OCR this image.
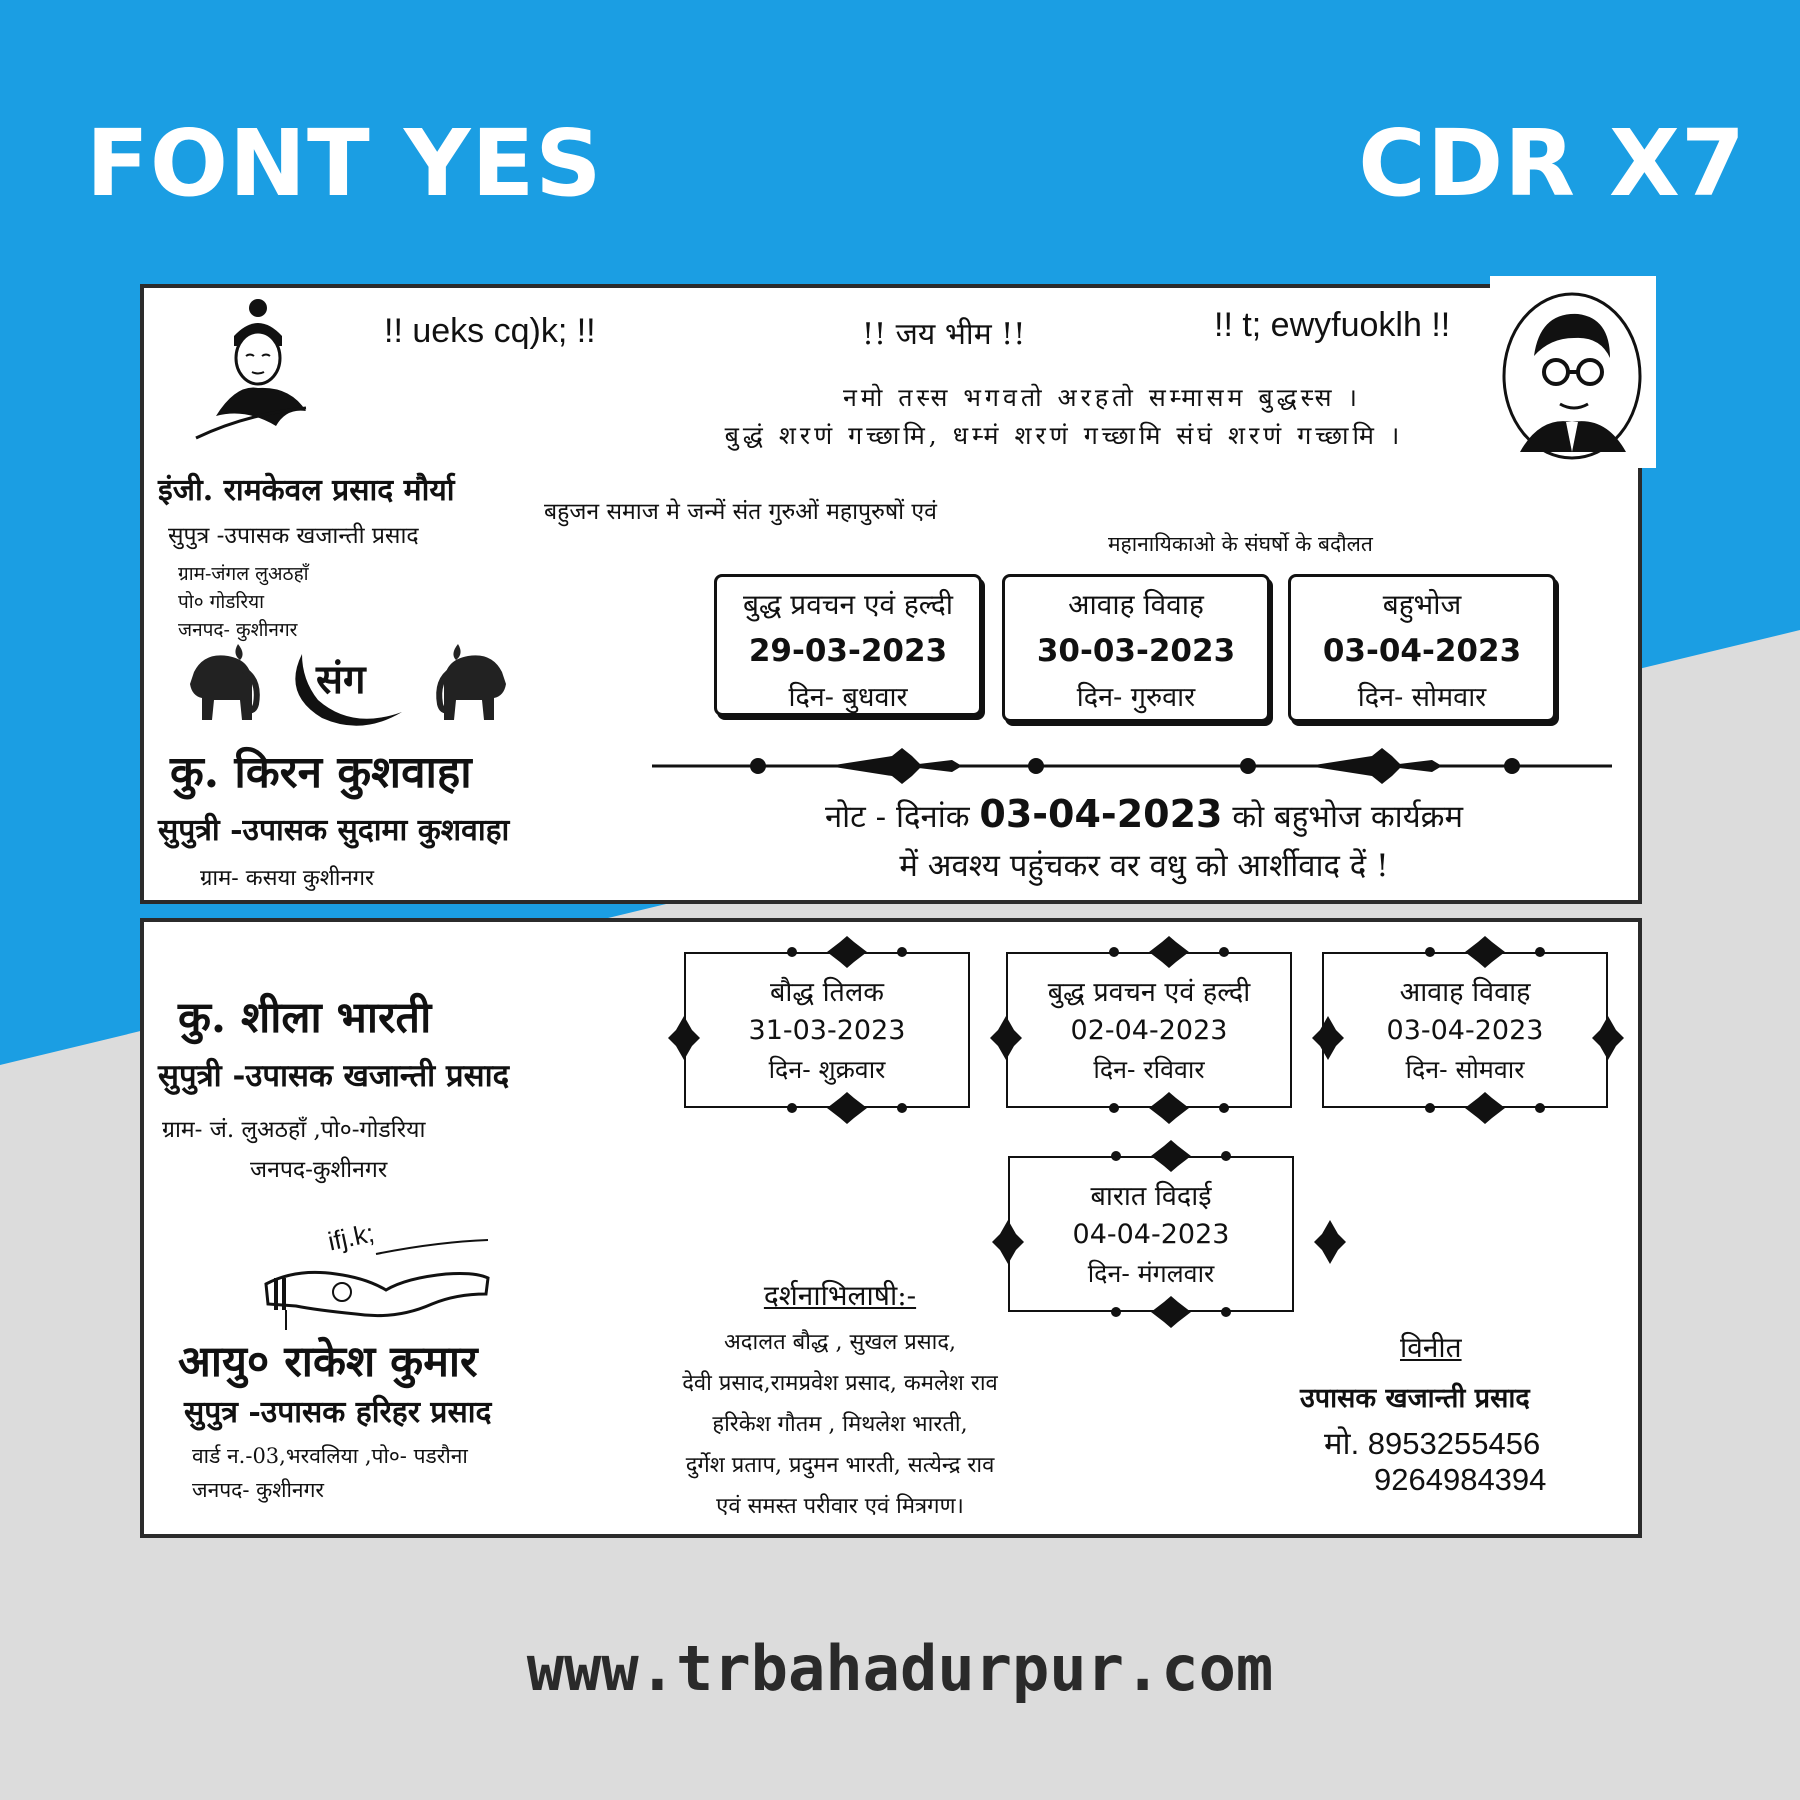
FONT YES	CDR X7
!! ueks cq)k; !!	!! जय भीम !!	!! t; ewyfuoklh !!
नमो तस्स भगवतो अरहतो सम्मासम बुद्धस्स ।
बुद्धं शरणं गच्छामि, धम्मं शरणं गच्छामि संघं शरणं गच्छामि ।
इंजी. रामकेवल प्रसाद मौर्या
सुपुत्र -उपासक खजान्ती प्रसाद
ग्राम-जंगल लुअठहाँ
पो० गोडरिया
जनपद- कुशीनगर
बहुजन समाज मे जन्में संत गुरुओं महापुरुषों एवं
महानायिकाओ के संघर्षो के बदौलत
संग
कु. किरन कुशवाहा
सुपुत्री -उपासक सुदामा कुशवाहा
ग्राम- कसया कुशीनगर
बुद्ध प्रवचन एवं हल्दी
29-03-2023
दिन- बुधवार
आवाह विवाह
30-03-2023
दिन- गुरुवार
बहुभोज
03-04-2023
दिन- सोमवार
नोट - दिनांक 03-04-2023 को बहुभोज कार्यक्रम
में अवश्य पहुंचकर वर वधु को आर्शीवाद दें !
कु. शीला भारती
सुपुत्री -उपासक खजान्ती प्रसाद
ग्राम- जं. लुअठहाँ ,पो०-गोडरिया
जनपद-कुशीनगर
ifj.k;
आयु० राकेश कुमार
सुपुत्र -उपासक हरिहर प्रसाद
वार्ड न.-03,भरवलिया ,पो०- पडरौना
जनपद- कुशीनगर
बौद्ध तिलक
31-03-2023
दिन- शुक्रवार
बुद्ध प्रवचन एवं हल्दी
02-04-2023
दिन- रविवार
आवाह विवाह
03-04-2023
दिन- सोमवार
बारात विदाई
04-04-2023
दिन- मंगलवार
दर्शनाभिलाषी:-
अदालत बौद्ध , सुखल प्रसाद,
देवी प्रसाद,रामप्रवेश प्रसाद, कमलेश राव
हरिकेश गौतम , मिथलेश भारती,
दुर्गेश प्रताप, प्रदुमन भारती, सत्येन्द्र राव
एवं समस्त परीवार एवं मित्रगण।
विनीत
उपासक खजान्ती प्रसाद
मो. 8953255456
9264984394
www.trbahadurpur.com
